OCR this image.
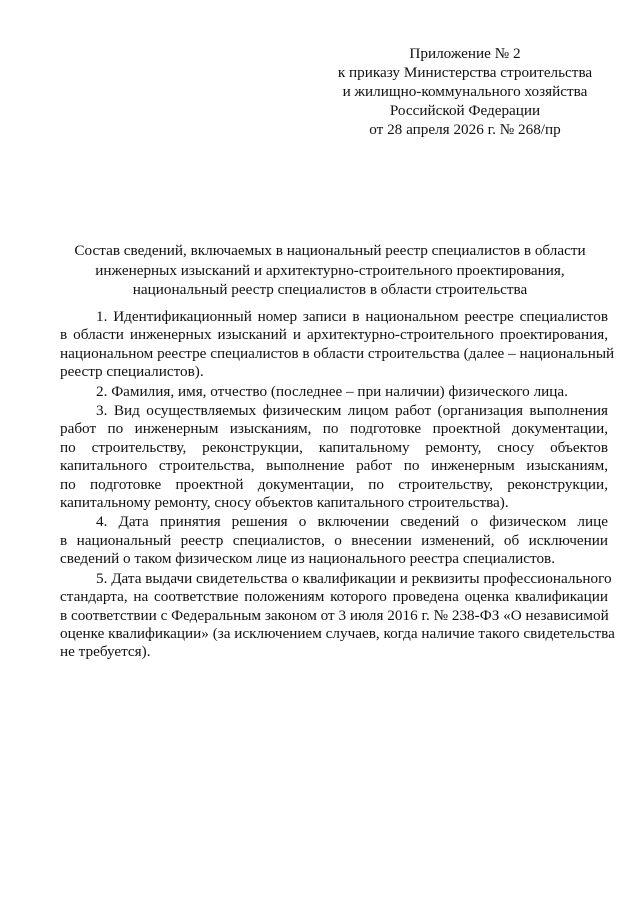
Приложение № 2
к приказу Министерства строительства
и жилищно-коммунального хозяйства
Российской Федерации
от 28 апреля 2026 г. № 268/пр
Состав сведений, включаемых в национальный реестр специалистов в области
инженерных изысканий и архитектурно-строительного проектирования,
национальный реестр специалистов в области строительства
1. Идентификационный номер записи в национальном реестре специалистов
в области инженерных изысканий и архитектурно-строительного проектирования,
национальном реестре специалистов в области строительства (далее – национальный
реестр специалистов).
2. Фамилия, имя, отчество (последнее – при наличии) физического лица.
3. Вид осуществляемых физическим лицом работ (организация выполнения
работ по инженерным изысканиям, по подготовке проектной документации,
по строительству, реконструкции, капитальному ремонту, сносу объектов
капитального строительства, выполнение работ по инженерным изысканиям,
по подготовке проектной документации, по строительству, реконструкции,
капитальному ремонту, сносу объектов капитального строительства).
4. Дата принятия решения о включении сведений о физическом лице
в национальный реестр специалистов, о внесении изменений, об исключении
сведений о таком физическом лице из национального реестра специалистов.
5. Дата выдачи свидетельства о квалификации и реквизиты профессионального
стандарта, на соответствие положениям которого проведена оценка квалификации
в соответствии с Федеральным законом от 3 июля 2016 г. № 238-ФЗ «О независимой
оценке квалификации» (за исключением случаев, когда наличие такого свидетельства
не требуется).
